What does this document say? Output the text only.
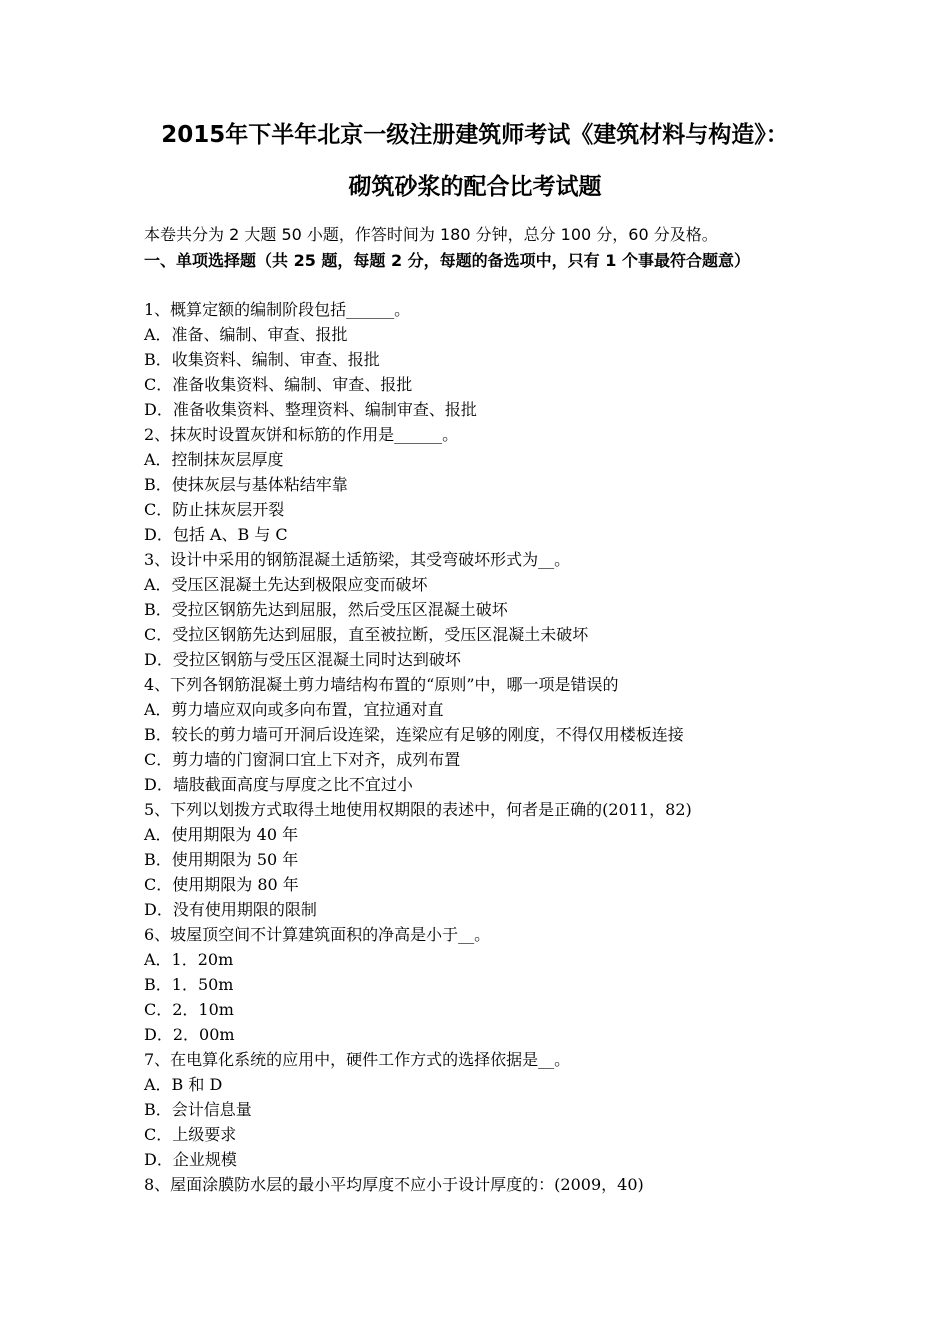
2015年下半年北京一级注册建筑师考试《建筑材料与构造》：
砌筑砂浆的配合比考试题
本卷共分为 2 大题 50 小题，作答时间为 180 分钟，总分 100 分，60 分及格。
一、单项选择题（共 25 题，每题 2 分，每题的备选项中，只有 1 个事最符合题意）
1、概算定额的编制阶段包括______。
A．准备、编制、审查、报批
B．收集资料、编制、审查、报批
C．准备收集资料、编制、审查、报批
D．准备收集资料、整理资料、编制审查、报批
2、抹灰时设置灰饼和标筋的作用是______。
A．控制抹灰层厚度
B．使抹灰层与基体粘结牢靠
C．防止抹灰层开裂
D．包括 A、B 与 C
3、设计中采用的钢筋混凝土适筋梁，其受弯破坏形式为__。
A．受压区混凝土先达到极限应变而破坏
B．受拉区钢筋先达到屈服，然后受压区混凝土破坏
C．受拉区钢筋先达到屈服，直至被拉断，受压区混凝土未破坏
D．受拉区钢筋与受压区混凝土同时达到破坏
4、下列各钢筋混凝土剪力墙结构布置的“原则”中，哪一项是错误的
A．剪力墙应双向或多向布置，宜拉通对直
B．较长的剪力墙可开洞后设连梁，连梁应有足够的刚度，不得仅用楼板连接
C．剪力墙的门窗洞口宜上下对齐，成列布置
D．墙肢截面高度与厚度之比不宜过小
5、下列以划拨方式取得土地使用权期限的表述中，何者是正确的(2011，82)
A．使用期限为 40 年
B．使用期限为 50 年
C．使用期限为 80 年
D．没有使用期限的限制
6、坡屋顶空间不计算建筑面积的净高是小于__。
A．1．20m
B．1．50m
C．2．10m
D．2．00m
7、在电算化系统的应用中，硬件工作方式的选择依据是__。
A．B 和 D
B．会计信息量
C．上级要求
D．企业规模
8、屋面涂膜防水层的最小平均厚度不应小于设计厚度的：(2009，40)
